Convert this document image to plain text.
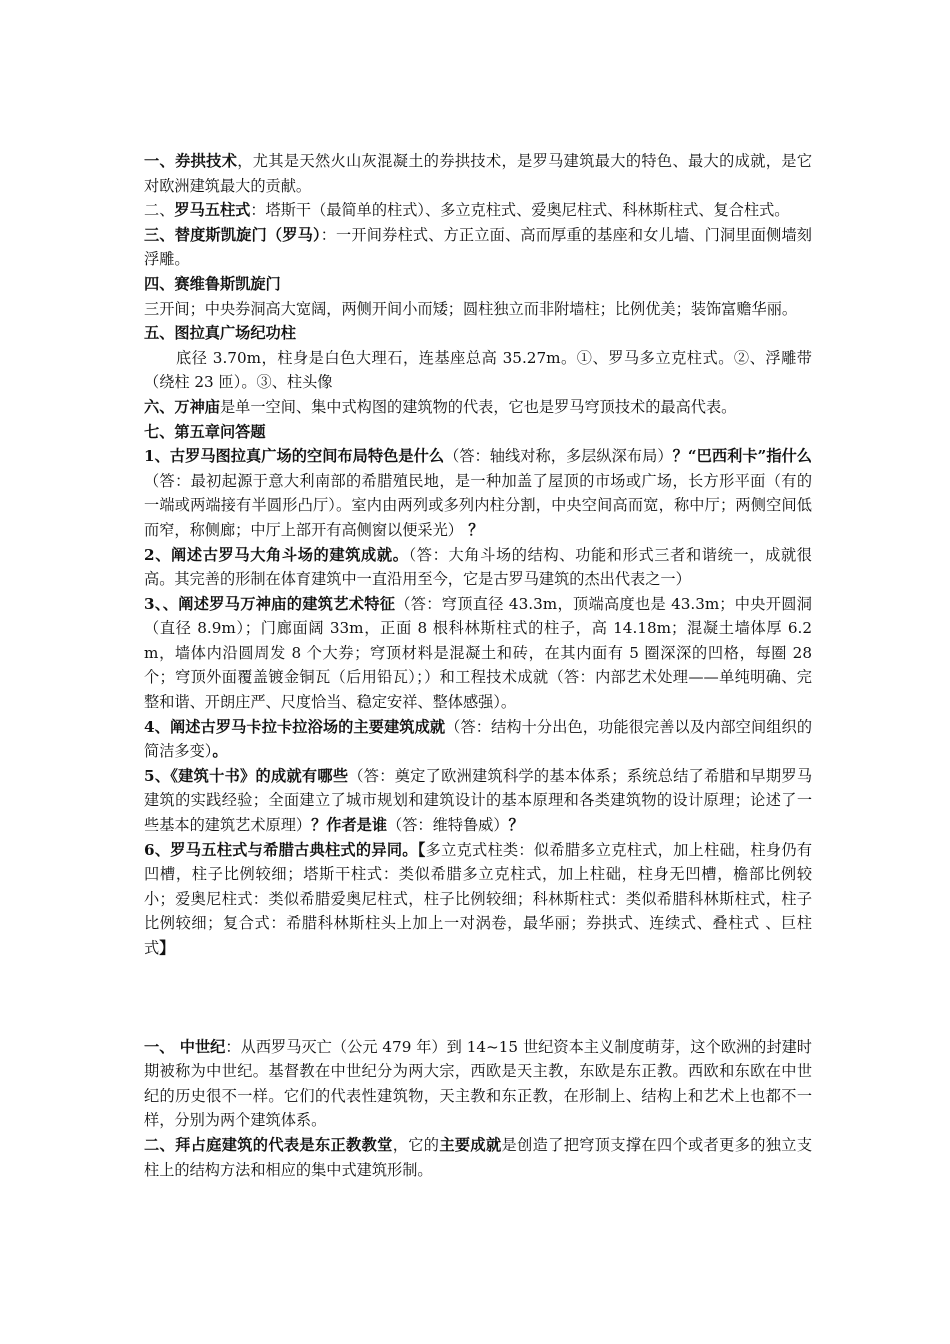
一、券拱技术，尤其是天然火山灰混凝土的券拱技术，是罗马建筑最大的特色、最大的成就，是它对欧洲建筑最大的贡献。

二、罗马五柱式：塔斯干（最简单的柱式）、多立克柱式、爱奥尼柱式、科林斯柱式、复合柱式。

三、替度斯凯旋门（罗马）：一开间券柱式、方正立面、高而厚重的基座和女儿墙、门洞里面侧墙刻浮雕。

四、赛维鲁斯凯旋门

三开间；中央券洞高大宽阔，两侧开间小而矮；圆柱独立而非附墙柱；比例优美；装饰富赡华丽。

五、图拉真广场纪功柱

底径 3.70m，柱身是白色大理石，连基座总高 35.27m。①、罗马多立克柱式。②、浮雕带（绕柱 23 匝）。③、柱头像

六、万神庙是单一空间、集中式构图的建筑物的代表，它也是罗马穹顶技术的最高代表。

七、第五章问答题

1、古罗马图拉真广场的空间布局特色是什么（答：轴线对称，多层纵深布局）？“巴西利卡”指什么（答：最初起源于意大利南部的希腊殖民地，是一种加盖了屋顶的市场或广场，长方形平面（有的一端或两端接有半圆形凸厅）。室内由两列或多列内柱分割，中央空间高而宽，称中厅；两侧空间低而窄，称侧廊；中厅上部开有高侧窗以便采光） ？

2、阐述古罗马大角斗场的建筑成就。（答：大角斗场的结构、功能和形式三者和谐统一，成就很高。其完善的形制在体育建筑中一直沿用至今，它是古罗马建筑的杰出代表之一）

3、、阐述罗马万神庙的建筑艺术特征（答：穹顶直径 43.3m，顶端高度也是 43.3m；中央开圆洞（直径 8.9m）；门廊面阔 33m，正面 8 根科林斯柱式的柱子，高 14.18m；混凝土墙体厚 6.2m，墙体内沿圆周发 8 个大券；穹顶材料是混凝土和砖，在其内面有 5 圈深深的凹格，每圈 28 个；穹顶外面覆盖镀金铜瓦（后用铅瓦）；）和工程技术成就（答：内部艺术处理——单纯明确、完整和谐、开朗庄严、尺度恰当、稳定安祥、整体感强）。

4、阐述古罗马卡拉卡拉浴场的主要建筑成就（答：结构十分出色，功能很完善以及内部空间组织的简洁多变）。

5、《建筑十书》的成就有哪些（答：奠定了欧洲建筑科学的基本体系；系统总结了希腊和早期罗马建筑的实践经验；全面建立了城市规划和建筑设计的基本原理和各类建筑物的设计原理；论述了一些基本的建筑艺术原理）？作者是谁（答：维特鲁威）？

6、罗马五柱式与希腊古典柱式的异同。【多立克式柱类：似希腊多立克柱式，加上柱础，柱身仍有凹槽，柱子比例较细；塔斯干柱式：类似希腊多立克柱式，加上柱础，柱身无凹槽，檐部比例较小；爱奥尼柱式：类似希腊爱奥尼柱式，柱子比例较细；科林斯柱式：类似希腊科林斯柱式，柱子比例较细；复合式：希腊科林斯柱头上加上一对涡卷，最华丽；券拱式、连续式、叠柱式 、巨柱式】

一、 中世纪：从西罗马灭亡（公元 479 年）到 14~15 世纪资本主义制度萌芽，这个欧洲的封建时期被称为中世纪。基督教在中世纪分为两大宗，西欧是天主教，东欧是东正教。西欧和东欧在中世纪的历史很不一样。它们的代表性建筑物，天主教和东正教，在形制上、结构上和艺术上也都不一样，分别为两个建筑体系。

二、拜占庭建筑的代表是东正教教堂，它的主要成就是创造了把穹顶支撑在四个或者更多的独立支柱上的结构方法和相应的集中式建筑形制。
